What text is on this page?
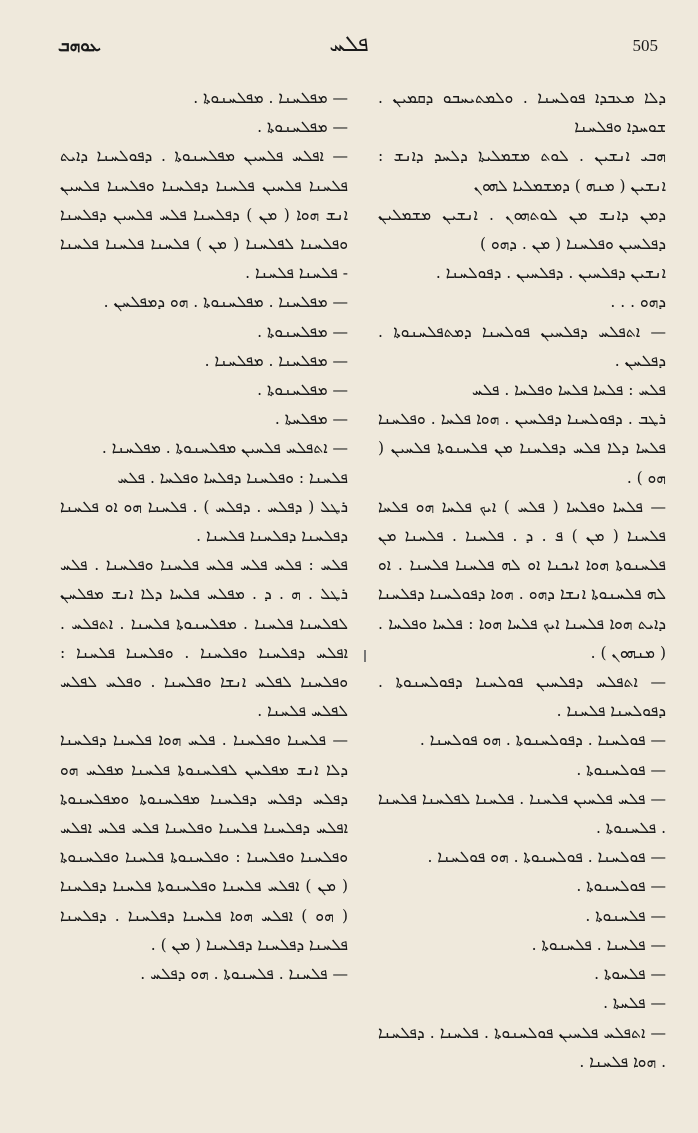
ܥܘܗܒ	ܦܠܚ	505

ܕܠܐ ܡܥܒܕܐ ܦܘܠܚܢܐ . ܘܠܡܬܝܚܒܘ ܕܩܡܝܢ . ܫܘܚܕܐ ܘܦܠܚܢܐ

ܗܒܝ ܐܢܫܝܢ . ܠܘܬ ܡܫܡܠܝܬܐ ܕܠܚܕ ܕܐܢܫ : ܐܢܫܝܢ ( ܡܢܗ ) ܕܡܫܡܠܝܐ ܠܗܘܢ

ܕܡܢ ܕܐܢܫ ܡܢ ܠܘܬܗܘܢ . ܐܢܫܝܢ ܡܫܡܠܝܢ ܕܦܠܚܝܢ ܘܦܠܚܢܐ ( ܡܢ . ܕܗܘ )

ܐܢܫܝܢ ܕܦܠܚܝܢ . ܕܦܠܚܝܢ . ܕܦܘܠܚܢܐ .

ܕܗܘ . . .

— ܐܬܦܠܚ ܕܦܠܚܝܢ ܦܘܠܚܢܐ ܕܡܬܦܠܚܢܘܬܐ . ܕܦܠܚܢ .

ܦܠܚ : ܦܠܚܐ ܦܠܚܐ ܘܦܠܚܐ . ܦܠܚ

ܪܛܒ . ܕܦܘܠܚܢܐ ܕܦܠܚܝܢ . ܗܘܐ ܦܠܚܐ . ܘܦܠܚܢܐ ܦܠܚܐ ܕܠܐ ܦܠܚ ܕܦܠܚܢܐ ܡܢ ܦܠܚܢܘܬܐ ܦܠܚܝܢ ( ܗܘ ) .

— ܦܠܚܐ ܘܦܠܚܐ ( ܦܠܚ ) ܐܝܟ ܦܠܚܐ ܗܘ ܦܠܚܐ ܦܠܚܢܐ ( ܡܢ ) ܦ . ܕ . ܦܠܚܢܐ . ܦܠܚܢܐ ܡܢ ܦܠܚܢܘܬܐ ܗܘܐ ܐܝܟܢܐ ܐܘ ܠܗ ܦܠܚܢܐ ܦܠܚܢܐ . ܐܘ ܠܗ ܦܠܚܢܘܬܐ ܐܢܫܐ ܕܗܘ . ܗܘܐ ܕܦܘܠܚܢܐ ܕܦܠܚܢܐ ܕܐܝܬ ܗܘܐ ܦܠܚܢܐ ܐܝܟ ܦܠܚܐ ܗܘܐ : ܦܠܚܐ ܘܦܠܚܐ . ( ܡܢܗܘܢ ) .

— ܐܬܦܠܚ ܕܦܠܚܝܢ ܦܘܠܚܢܐ ܕܦܘܠܚܢܘܬܐ . ܕܦܘܠܚܢܐ ܦܠܚܢܐ .

— ܦܘܠܚܢܐ . ܕܦܘܠܚܢܘܬܐ . ܗܘ ܦܘܠܚܢܐ .

— ܦܘܠܚܢܘܬܐ .

— ܦܠܚ ܦܠܚܝܢ ܦܠܚܢܐ . ܦܠܚܢܐ ܠܦܠܚܢܐ ܦܠܚܢܐ . ܦܠܚܢܘܬܐ .

— ܦܘܠܚܢܐ . ܦܘܠܚܢܘܬܐ . ܗܘ ܦܘܠܚܢܐ .

— ܦܘܠܚܢܘܬܐ .

— ܦܠܚܢܘܬܐ .

— ܦܠܚܢܐ . ܦܠܚܢܘܬܐ .

— ܦܠܚܘܬܐ .

— ܦܠܚܬܐ .

— ܐܬܦܠܚ ܦܠܚܝܢ ܦܘܠܚܢܘܬܐ . ܦܠܚܢܐ . ܕܦܠܚܢܐ . ܗܘܐ ܦܠܚܢܐ .

— ܡܦܠܚܢܐ . ܡܦܠܚܢܘܬܐ .

— ܡܦܠܚܢܘܬܐ .

— ܐܦܠܚ ܦܠܚܝܢ ܡܦܠܚܢܘܬܐ . ܕܦܘܠܚܢܐ ܕܐܝܬ ܦܠܚܢܐ ܦܠܚܝܢ ܦܠܚܢܐ ܕܦܠܚܢܐ ܘܦܠܚܢܐ ܦܠܚܝܢ ܐܢܫ ܗܘܐ ( ܡܢ ) ܕܦܠܚܢܐ ܦܠܚ ܦܠܚܝܢ ܕܦܠܚܢܐ ܘܦܠܚܢܐ ܠܦܠܚܢܐ ( ܡܢ ) ܦܠܚܢܐ ܦܠܚܢܐ ܦܠܚܢܐ - ܦܠܚܢܐ ܦܠܚܢܐ .

— ܡܦܠܚܢܐ . ܡܦܠܚܢܘܬܐ . ܗܘ ܕܡܦܠܚܢ .

— ܡܦܠܚܢܘܬܐ .

— ܡܦܠܚܢܐ . ܡܦܠܚܢܐ .

— ܡܦܠܚܢܘܬܐ .

— ܡܦܠܚܬܐ .

— ܐܬܦܠܚ ܦܠܚܝܢ ܡܦܠܚܢܘܬܐ . ܡܦܠܚܢܐ .

ܦܠܚܢܐ : ܘܦܠܚܢܐ ܕܦܠܚܐ ܘܦܠܚܐ . ܦܠܚ

ܪܛܠ ( ܕܦܠܚ . ܕܦܠܚ ) . ܦܠܚܢܐ ܗܘ ܐܘ ܦܠܚܢܐ ܕܦܠܚܢܐ ܕܦܠܚܢܐ ܦܠܚܢܐ .

ܦܠܚ : ܦܠܚ ܦܠܚ ܦܠܚ ܦܠܚܢܐ ܘܦܠܚܢܐ . ܦܠܚ ܪܛܠ . ܗ . ܕ . ܡܦܠܚ ܦܠܚܐ ܕܠܐ ܐܢܫ ܡܦܠܚܢ ܠܦܠܚܢܐ ܦܠܚܢܐ . ܡܦܠܚܢܘܬܐ ܦܠܚܢܐ . ܐܬܦܠܚ . ܐܦܠܚ ܕܦܠܚܢܐ ܘܦܠܚܢܐ . ܘܦܠܚܢܐ ܦܠܚܢܐ : ܘܦܠܚܢܐ ܠܦܠܚ ܐܢܫܐ ܘܦܠܚܢܐ . ܘܦܠܚ ܠܦܠܚ ܠܦܠܚ ܦܠܚܢܐ .

— ܦܠܚܢܐ ܘܦܠܚܢܐ . ܦܠܚ ܗܘܐ ܦܠܚܢܐ ܕܦܠܚܢܐ ܕܠܐ ܐܢܫ ܡܦܠܚܢ ܠܦܠܚܢܘܬܐ ܦܠܚܢܐ ܡܦܠܚ ܗܘ ܕܦܠܚ ܕܦܠܚ ܕܦܠܚܢܐ ܡܦܠܚܢܘܬܐ ܘܡܦܠܚܢܘܬܐ ܐܦܠܚ ܕܦܠܚܢܐ ܦܠܚܢܐ ܘܦܠܚܢܐ ܦܠܚ ܦܠܚ ܐܦܠܚ ܘܦܠܚܢܐ ܘܦܠܚܢܐ : ܘܦܠܚܢܘܬܐ ܦܠܚܢܐ ܘܦܠܚܢܘܬܐ ( ܡܢ ) ܐܦܠܚ ܦܠܚܢܐ ܘܦܠܚܢܘܬܐ ܦܠܚܢܐ ܕܦܠܚܢܐ ( ܗܘ ) ܐܦܠܚ ܗܘܐ ܦܠܚܢܐ ܕܦܠܚܢܐ . ܕܦܠܚܢܐ ܦܠܚܢܐ ܕܦܠܚܢܐ ܕܦܠܚܢܐ ( ܡܢ ) .

— ܦܠܚܢܐ . ܦܠܚܢܘܬܐ . ܗܘ ܕܦܠܚ .
